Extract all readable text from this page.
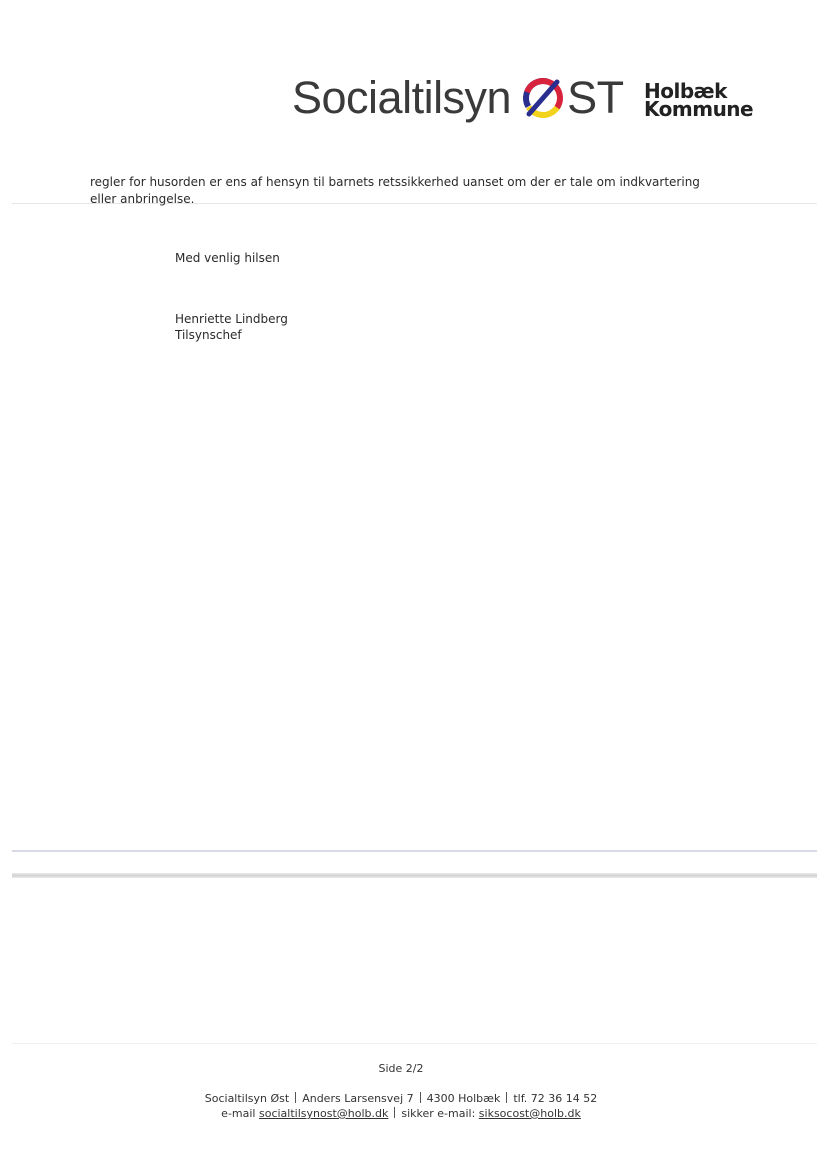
Socialtilsyn ST Holbæk
Kommune
regler for husorden er ens af hensyn til barnets retssikkerhed uanset om der er tale om indkvartering eller anbringelse.
Med venlig hilsen
Henriette Lindberg
Tilsynschef
Side 2/2
Socialtilsyn Øst Anders Larsensvej 7 4300 Holbæk tlf. 72 36 14 52
e-mail socialtilsynost@holb.dk sikker e-mail: siksocost@holb.dk
